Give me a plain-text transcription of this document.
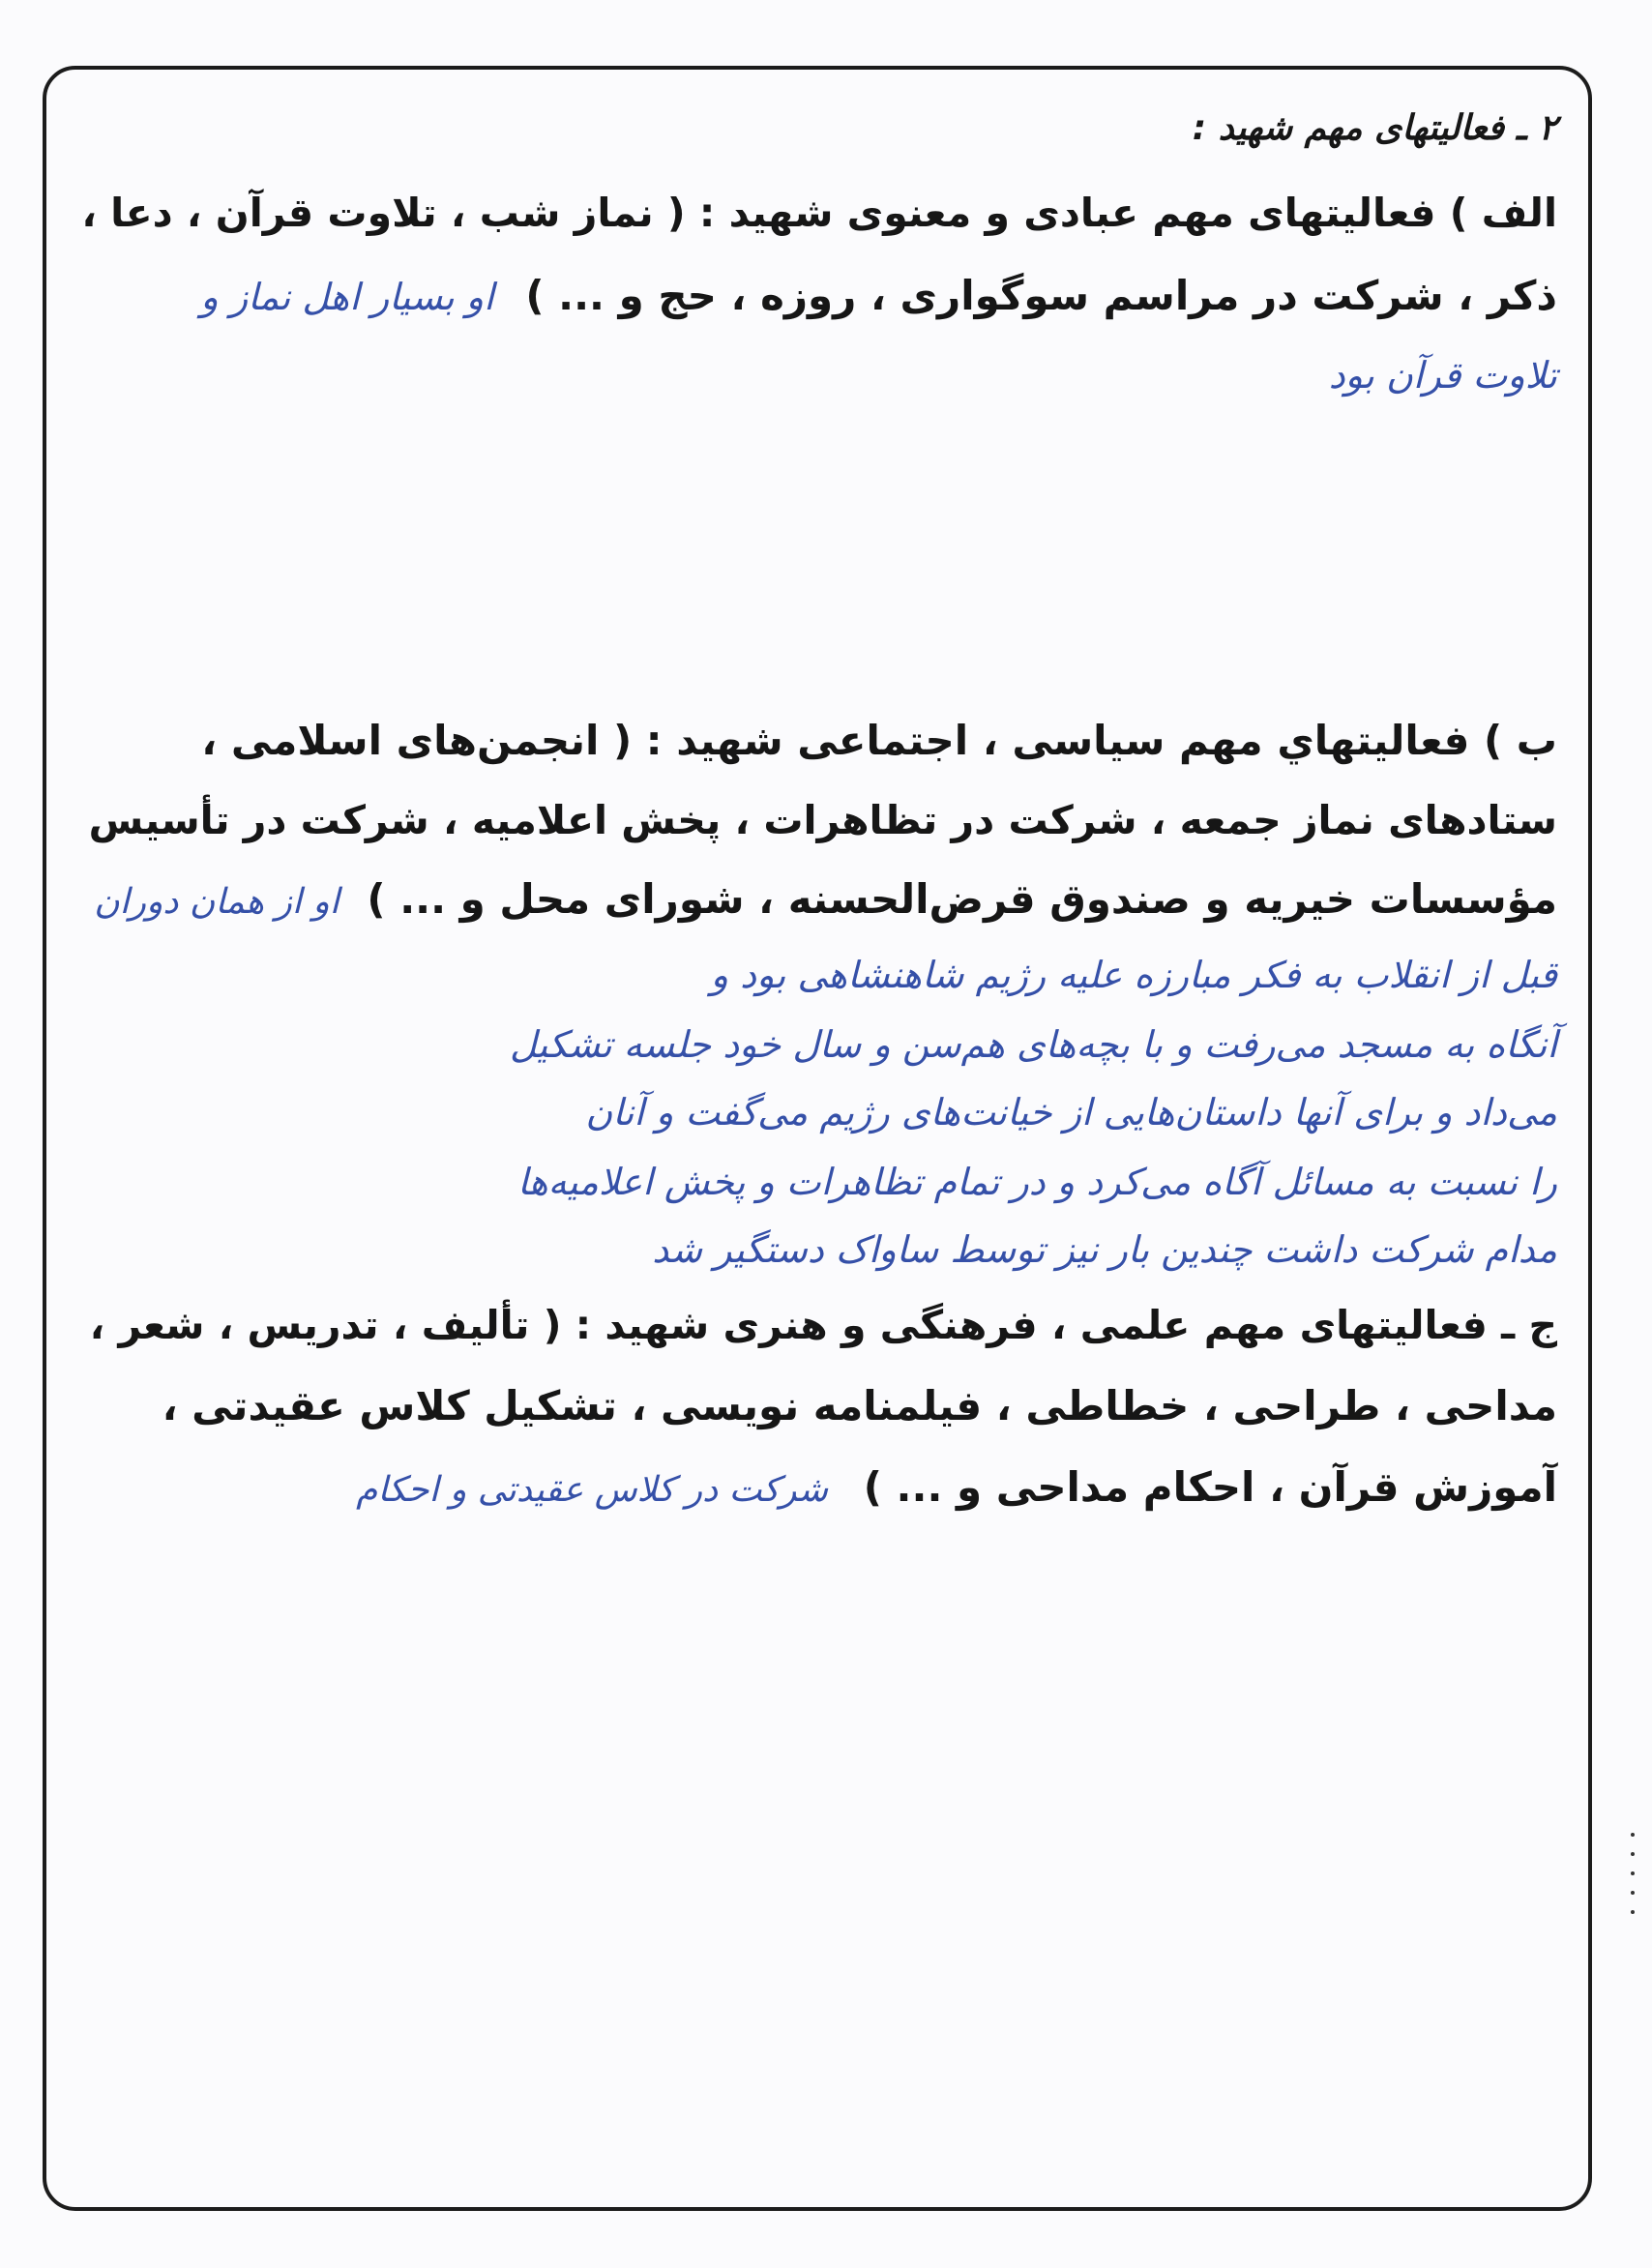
۲ ـ فعالیتهای مهم شهید :
الف ) فعالیتهای مهم عبادی و معنوی شهید : ( نماز شب ، تلاوت قرآن ، دعا ،
ذکر ، شرکت در مراسم سوگواری ، روزه ، حج و ... ) او بسیار اهل نماز و
تلاوت قرآن بود
ب ) فعالیتهاي مهم سیاسی ، اجتماعی شهید : ( انجمن‌های اسلامی ،
ستادهای نماز جمعه ، شرکت در تظاهرات ، پخش اعلامیه ، شرکت در تأسیس
مؤسسات خیریه و صندوق قرض‌الحسنه ، شورای محل و ... ) او از همان دوران
قبل از انقلاب به فکر مبارزه علیه رژیم شاهنشاهی بود و
آنگاه به مسجد می‌رفت و با بچه‌های هم‌سن و سال خود جلسه تشکیل
می‌داد و برای آنها داستان‌هایی از خیانت‌های رژیم می‌گفت و آنان
را نسبت به مسائل آگاه می‌کرد و در تمام تظاهرات و پخش اعلامیه‌ها
مدام شرکت داشت چندین بار نیز توسط ساواک دستگیر شد
ج ـ فعالیتهای مهم علمی ، فرهنگی و هنری شهید : ( تألیف ، تدریس ، شعر ،
مداحی ، طراحی ، خطاطی ، فیلمنامه نویسی ، تشکیل کلاس عقیدتی ،
آموزش قرآن ، احکام مداحی و ... ) شرکت در کلاس عقیدتی و احکام
